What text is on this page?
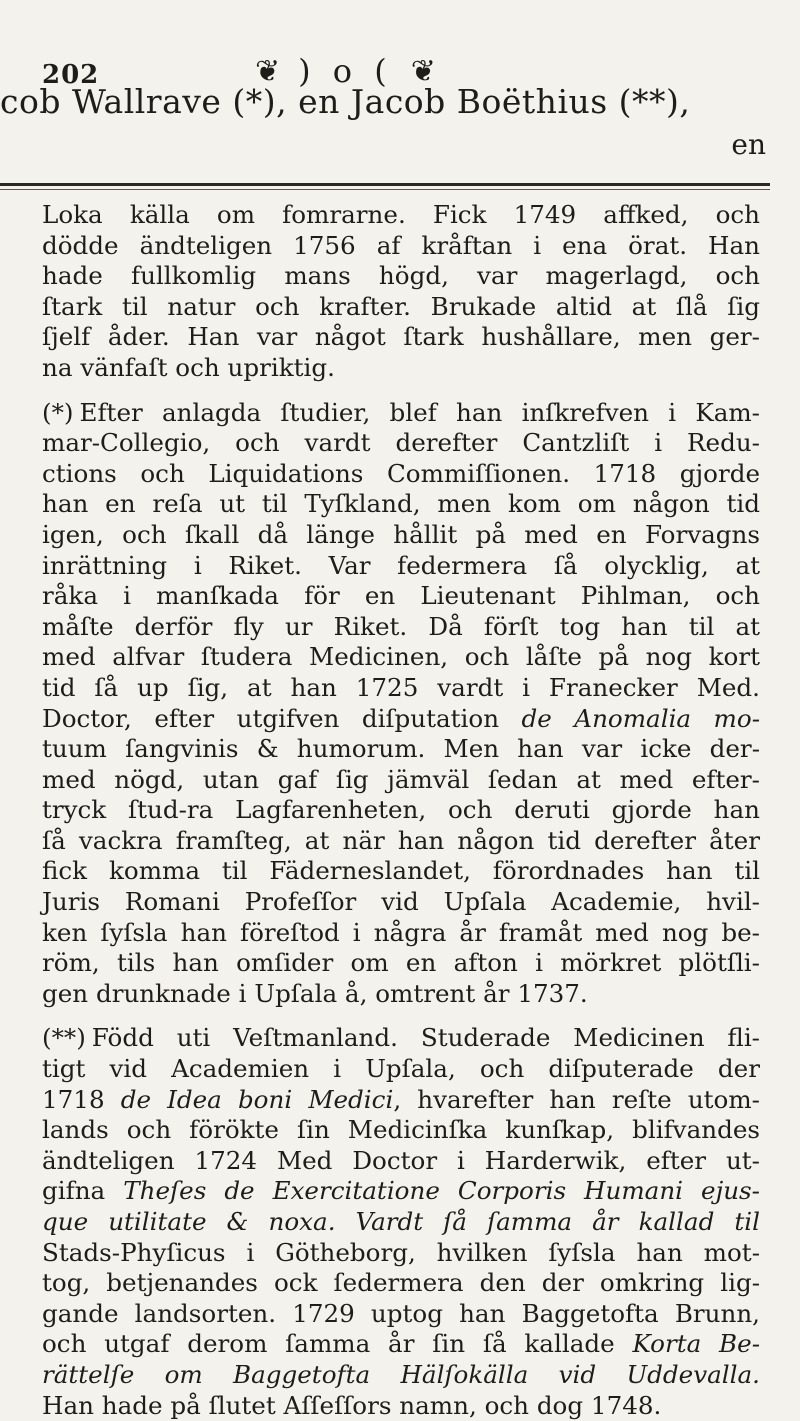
202	❦ ) o ( ❦
cob Wallrave (*), en Jacob Boëthius (**),
en
Loka källa om fomrarne. Fick 1749 affked, och
dödde ändteligen 1756 af kråftan i ena örat. Han
hade fullkomlig mans högd, var magerlagd, och
ſtark til natur och krafter. Brukade altid at ſlå ſig
ſjelf åder. Han var något ſtark hushållare, men ger-
na vänfaſt och upriktig.
(*) Efter anlagda ſtudier, blef han inſkrefven i Kam-
mar-Collegio, och vardt derefter Cantzliſt i Redu-
ctions och Liquidations Commiſſionen. 1718 gjorde
han en reſa ut til Tyſkland, men kom om någon tid
igen, och ſkall då länge hållit på med en Forvagns
inrättning i Riket. Var federmera ſå olycklig, at
råka i manſkada för en Lieutenant Pihlman, och
måſte derför fly ur Riket. Då förſt tog han til at
med alfvar ſtudera Medicinen, och låſte på nog kort
tid ſå up ſig, at han 1725 vardt i Franecker Med.
Doctor, efter utgifven diſputation de Anomalia mo-
tuum ſangvinis & humorum. Men han var icke der-
med nögd, utan gaf ſig jämväl ſedan at med efter-
tryck ſtud-ra Lagfarenheten, och deruti gjorde han
ſå vackra framſteg, at när han någon tid derefter åter
fick komma til Fäderneslandet, förordnades han til
Juris Romani Profeſſor vid Upſala Academie, hvil-
ken ſyſsla han föreſtod i några år framåt med nog be-
röm, tils han omſider om en afton i mörkret plötſli-
gen drunknade i Upſala å, omtrent år 1737.
(**) Född uti Veſtmanland. Studerade Medicinen fli-
tigt vid Academien i Upſala, och diſputerade der
1718 de Idea boni Medici, hvarefter han reſte utom-
lands och förökte ſin Medicinſka kunſkap, blifvandes
ändteligen 1724 Med Doctor i Harderwik, efter ut-
gifna Theſes de Exercitatione Corporis Humani ejus-
que utilitate & noxa. Vardt ſå ſamma år kallad til
Stads-Phyſicus i Götheborg, hvilken ſyſsla han mot-
tog, betjenandes ock ſedermera den der omkring lig-
gande landsorten. 1729 uptog han Baggetofta Brunn,
och utgaf derom ſamma år ſin ſå kallade Korta Be-
rättelſe om Baggetofta Hälſokälla vid Uddevalla.
Han hade på ſlutet Aſſeſſors namn, och dog 1748.
